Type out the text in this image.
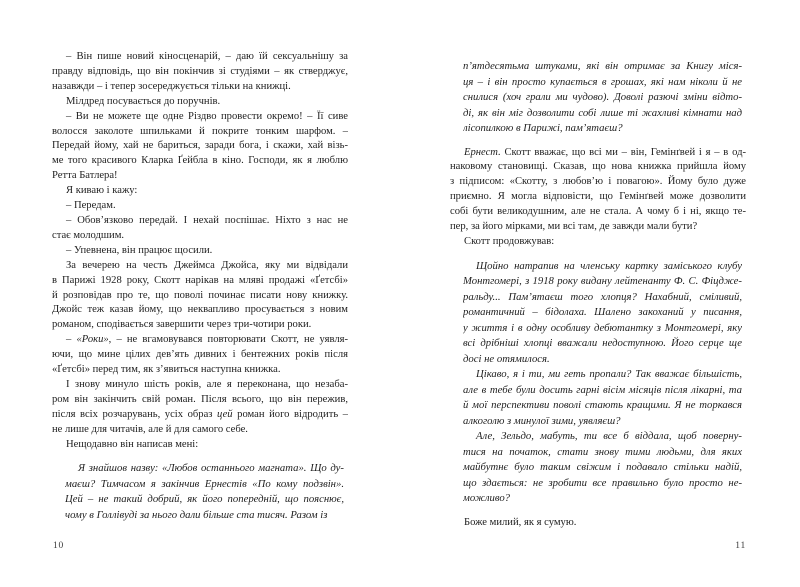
– Він пише новий кіносценарій, – даю їй сексуальнішу за
правду відповідь, що він покінчив зі студіями – як стверджує,
назавжди – і тепер зосереджується тільки на книжці.
Мілдред посувається до поручнів.
– Ви не можете ще одне Різдво провести окремо! – Її сиве
волосся заколоте шпильками й покрите тонким шарфом. –
Передай йому, хай не бариться, заради бога, і скажи, хай візь-
ме того красивого Кларка Ґейбла в кіно. Господи, як я люблю
Ретта Батлера!
Я киваю і кажу:
– Передам.
– Обов’язково передай. І нехай поспішає. Ніхто з нас не
стає молодшим.
– Упевнена, він працює щосили.
За вечерею на честь Джеймса Джойса, яку ми відвідали
в Парижі 1928 року, Скотт нарікав на мляві продажі «Ґетсбі»
й розповідав про те, що поволі починає писати нову книжку.
Джойс теж казав йому, що неквапливо просувається з новим
романом, сподівається завершити через три-чотири роки.
– «Роки», – не вгамовувався повторювати Скотт, не уявля-
ючи, що мине цілих дев’ять дивних і бентежних років після
«Ґетсбі» перед тим, як з’явиться наступна книжка.
І знову минуло шість років, але я переконана, що незаба-
ром він закінчить свій роман. Після всього, що він пережив,
після всіх розчарувань, усіх образ цей роман його відродить –
не лише для читачів, але й для самого себе.
Нещодавно він написав мені:
Я знайшов назву: «Любов останнього магната». Що ду-
маєш? Тимчасом я закінчив Ернестів «По кому подзвін».
Цей – не такий добрий, як його попередній, що пояснює,
чому в Голлівуді за нього дали більше ста тисяч. Разом із
п’ятдесятьма штуками, які він отримає за Книгу міся-
ця – і він просто купається в грошах, які нам ніколи й не
снилися (хоч грали ми чудово). Доволі разючі зміни відто-
ді, як він міг дозволити собі лише ті жахливі кімнати над
лісопилкою в Парижі, пам’ятаєш?
Ернест. Скотт вважає, що всі ми – він, Гемінґвей і я – в од-
наковому становищі. Сказав, що нова книжка прийшла йому
з підписом: «Скотту, з любов’ю і повагою». Йому було дуже
приємно. Я могла відповісти, що Гемінґвей може дозволити
собі бути великодушним, але не стала. А чому б і ні, якщо те-
пер, за його мірками, ми всі там, де завжди мали бути?
Скотт продовжував:
Щойно натрапив на членську картку заміського клубу
Монтгомері, з 1918 року видану лейтенанту Ф. С. Фіцдже-
ральду... Пам’ятаєш того хлопця? Нахабний, сміливий,
романтичний – бідолаха. Шалено закоханий у писання,
у життя і в одну особливу дебютантку з Монтгомері, яку
всі дрібніші хлопці вважали недоступною. Його серце ще
досі не отямилося.
Цікаво, я і ти, ми геть пропали? Так вважає більшість,
але в тебе були досить гарні вісім місяців після лікарні, та
й мої перспективи поволі стають кращими. Я не торкався
алкоголю з минулої зими, уявляєш?
Але, Зельдо, мабуть, ти все б віддала, щоб поверну-
тися на початок, стати знову тими людьми, для яких
майбутнє було таким свіжим і подавало стільки надій,
що здається: не зробити все правильно було просто не-
можливо?
Боже милий, як я сумую.
10	11
